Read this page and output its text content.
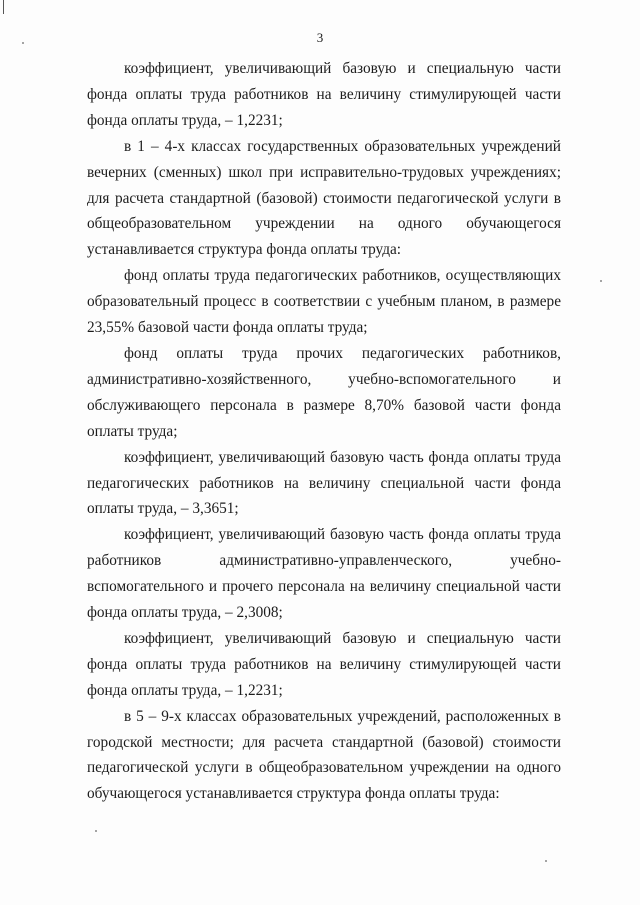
3

коэффициент, увеличивающий базовую и специальную части фонда оплаты труда работников на величину стимулирующей части фонда оплаты труда, – 1,2231;

в 1 – 4-х классах государственных образовательных учреждений вечерних (сменных) школ при исправительно-трудовых учреждениях; для расчета стандартной (базовой) стоимости педагогической услуги в общеобразовательном учреждении на одного обучающегося устанавливается структура фонда оплаты труда:

фонд оплаты труда педагогических работников, осуществляющих образовательный процесс в соответствии с учебным планом, в размере 23,55% базовой части фонда оплаты труда;

фонд оплаты труда прочих педагогических работников, административно-хозяйственного, учебно-вспомогательного и обслуживающего персонала в размере 8,70% базовой части фонда оплаты труда;

коэффициент, увеличивающий базовую часть фонда оплаты труда педагогических работников на величину специальной части фонда оплаты труда, – 3,3651;

коэффициент, увеличивающий базовую часть фонда оплаты труда работников административно-управленческого, учебно-вспомогательного и прочего персонала на величину специальной части фонда оплаты труда, – 2,3008;

коэффициент, увеличивающий базовую и специальную части фонда оплаты труда работников на величину стимулирующей части фонда оплаты труда, – 1,2231;

в 5 – 9-х классах образовательных учреждений, расположенных в городской местности; для расчета стандартной (базовой) стоимости педагогической услуги в общеобразовательном учреждении на одного обучающегося устанавливается структура фонда оплаты труда:
